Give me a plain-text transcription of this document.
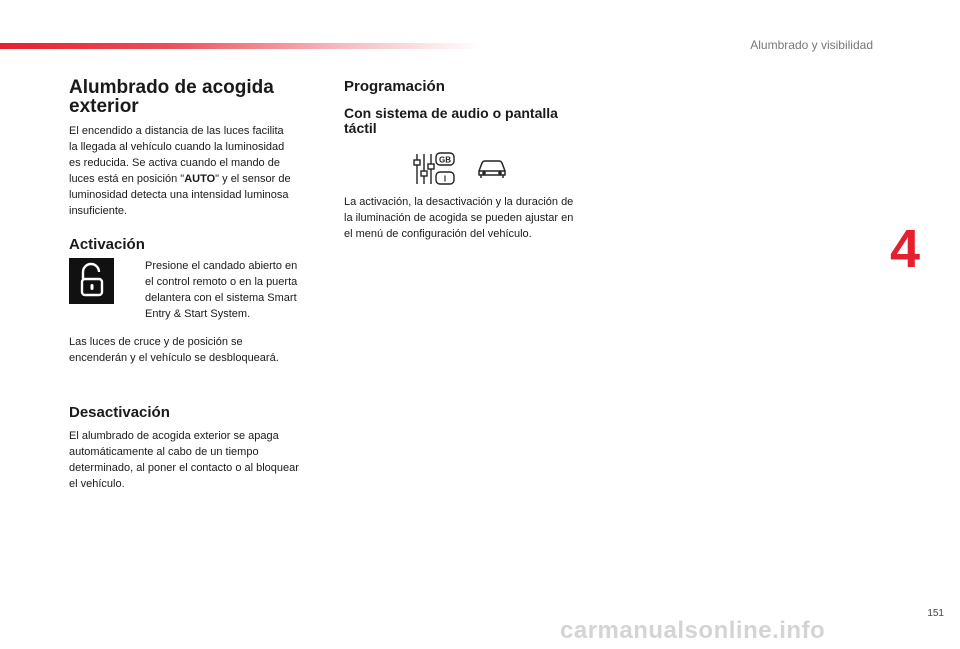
Alumbrado y visibilidad
4
Alumbrado de acogida
exterior

El encendido a distancia de las luces facilita

la llegada al vehículo cuando la luminosidad

es reducida. Se activa cuando el mando de

luces está en posición "AUTO" y el sensor de

luminosidad detecta una intensidad luminosa

insuficiente.

Activación

Presione el candado abierto en

el control remoto o en la puerta

delantera con el sistema Smart

Entry & Start System.

Las luces de cruce y de posición se

encenderán y el vehículo se desbloqueará.

Desactivación

El alumbrado de acogida exterior se apaga

automáticamente al cabo de un tiempo

determinado, al poner el contacto o al bloquear

el vehículo.

Programación
Con sistema de audio o pantalla
táctil
GB
I

La activación, la desactivación y la duración de

la iluminación de acogida se pueden ajustar en

el menú de configuración del vehículo.

151
carmanualsonline.info
